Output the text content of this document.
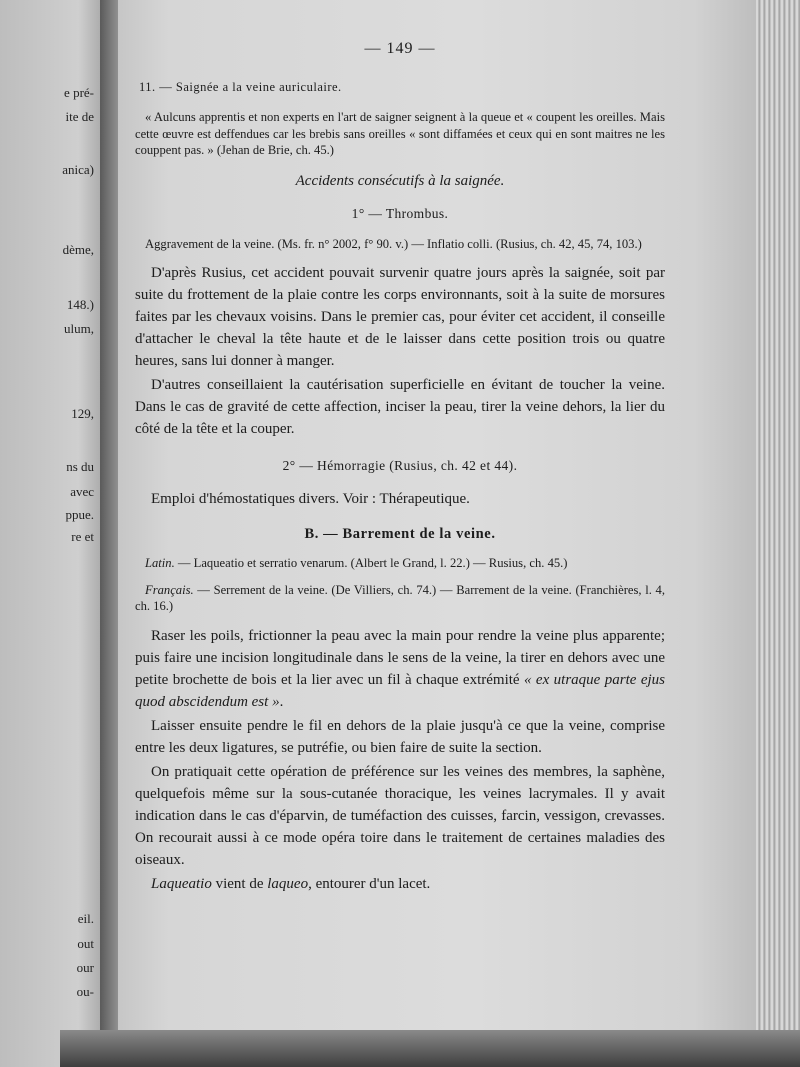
e pré-
ite de
anica)
dème,
148.)
ulum,
129,
ns du
avec
ppue.
re et
eil.
out
our
ou-
— 149 —
11. — Saignée a la veine auriculaire.

« Aulcuns apprentis et non experts en l'art de saigner seignent à la queue et « coupent les oreilles. Mais cette œuvre est deffendues car les brebis sans oreilles « sont diffamées et ceux qui en sont maitres ne les couppent pas. » (Jehan de Brie, ch. 45.)

Accidents consécutifs à la saignée.
1° — Thrombus.

Aggravement de la veine. (Ms. fr. n° 2002, f° 90. v.) — Inflatio colli. (Rusius, ch. 42, 45, 74, 103.)

D'après Rusius, cet accident pouvait survenir quatre jours après la saignée, soit par suite du frottement de la plaie contre les corps environnants, soit à la suite de morsures faites par les chevaux voisins. Dans le premier cas, pour éviter cet accident, il conseille d'attacher le cheval la tête haute et de le laisser dans cette position trois ou quatre heures, sans lui donner à manger.

D'autres conseillaient la cautérisation superficielle en évitant de toucher la veine. Dans le cas de gravité de cette affection, inciser la peau, tirer la veine dehors, la lier du côté de la tête et la couper.

2° — Hémorragie (Rusius, ch. 42 et 44).

Emploi d'hémostatiques divers. Voir : Thérapeutique.

B. — Barrement de la veine.

Latin. — Laqueatio et serratio venarum. (Albert le Grand, l. 22.) — Rusius, ch. 45.)

Français. — Serrement de la veine. (De Villiers, ch. 74.) — Barrement de la veine. (Franchières, l. 4, ch. 16.)

Raser les poils, frictionner la peau avec la main pour rendre la veine plus apparente; puis faire une incision longitudinale dans le sens de la veine, la tirer en dehors avec une petite brochette de bois et la lier avec un fil à chaque extrémité « ex utraque parte ejus quod abscidendum est ».

Laisser ensuite pendre le fil en dehors de la plaie jusqu'à ce que la veine, comprise entre les deux ligatures, se putréfie, ou bien faire de suite la section.

On pratiquait cette opération de préférence sur les veines des membres, la saphène, quelquefois même sur la sous-cutanée thoracique, les veines lacrymales. Il y avait indication dans le cas d'éparvin, de tuméfaction des cuisses, farcin, vessigon, crevasses. On recourait aussi à ce mode opéra toire dans le traitement de certaines maladies des oiseaux.

Laqueatio vient de laqueo, entourer d'un lacet.
